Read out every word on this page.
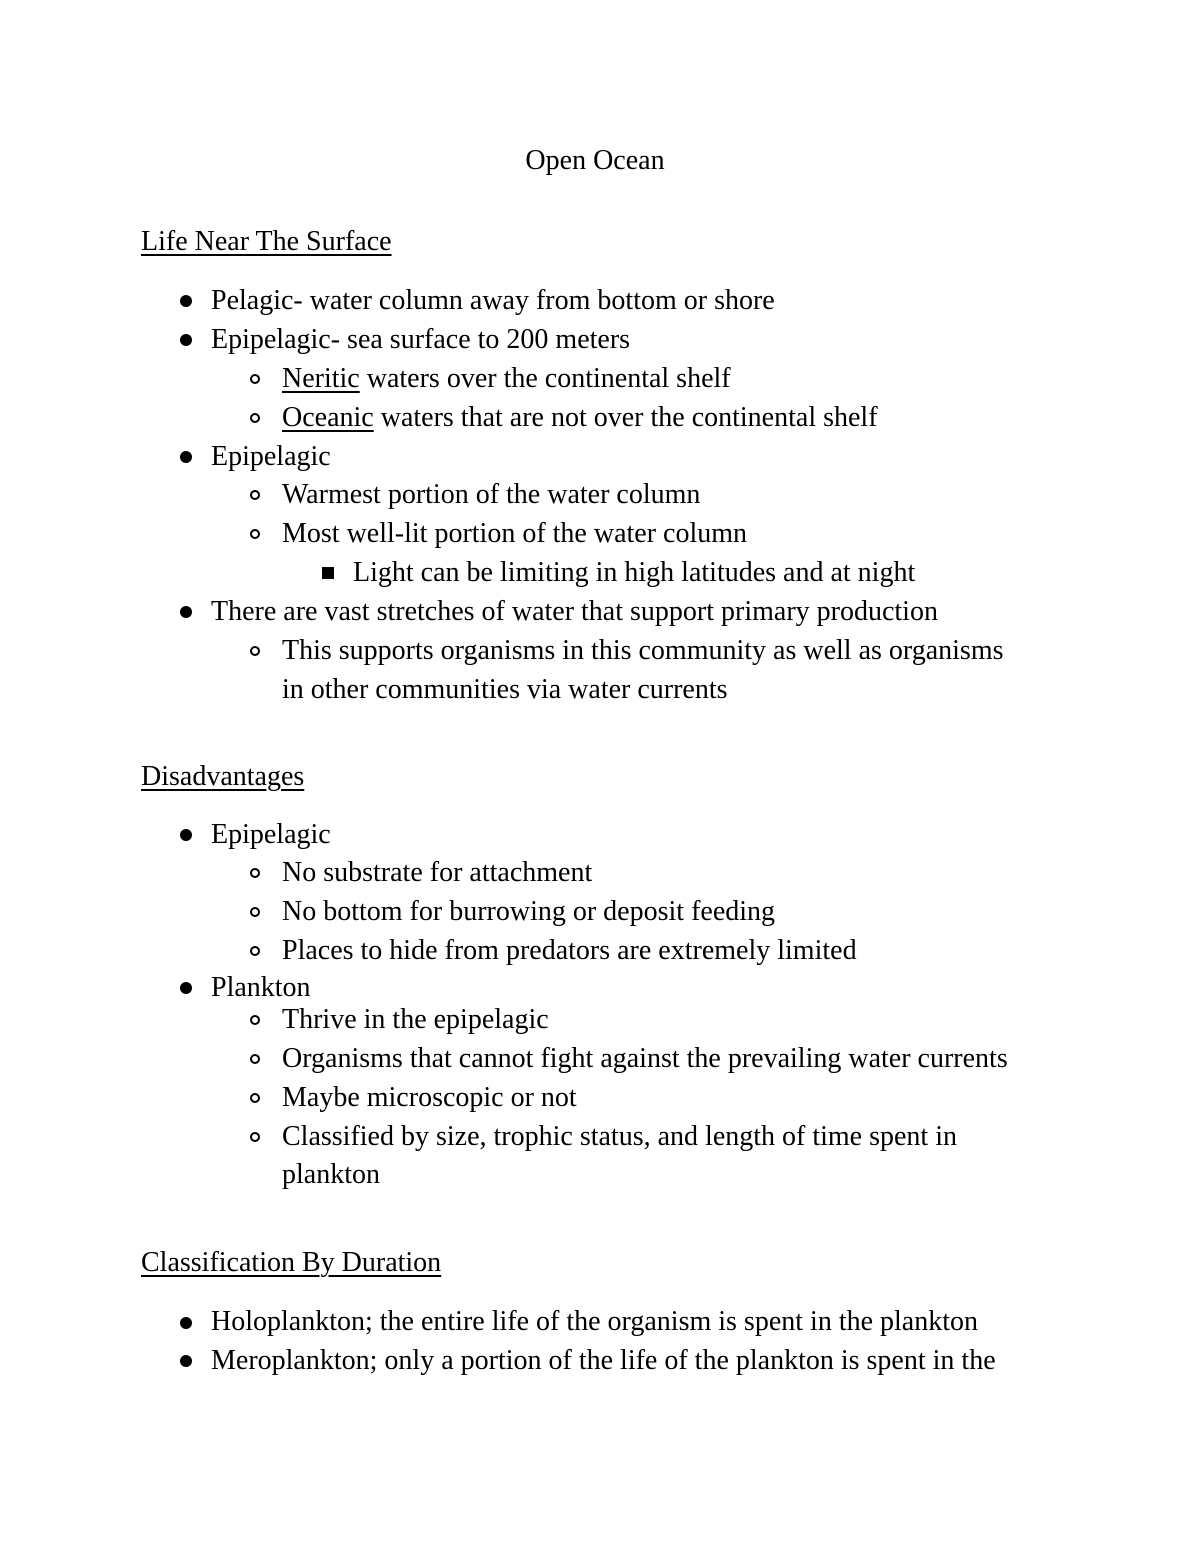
Open Ocean
Life Near The Surface
Pelagic- water column away from bottom or shore
Epipelagic- sea surface to 200 meters
Neritic waters over the continental shelf
Oceanic waters that are not over the continental shelf
Epipelagic
Warmest portion of the water column
Most well-lit portion of the water column
Light can be limiting in high latitudes and at night
There are vast stretches of water that support primary production
This supports organisms in this community as well as organisms
in other communities via water currents
Disadvantages
Epipelagic
No substrate for attachment
No bottom for burrowing or deposit feeding
Places to hide from predators are extremely limited
Plankton
Thrive in the epipelagic
Organisms that cannot fight against the prevailing water currents
Maybe microscopic or not
Classified by size, trophic status, and length of time spent in
plankton
Classification By Duration
Holoplankton; the entire life of the organism is spent in the plankton
Meroplankton; only a portion of the life of the plankton is spent in the
